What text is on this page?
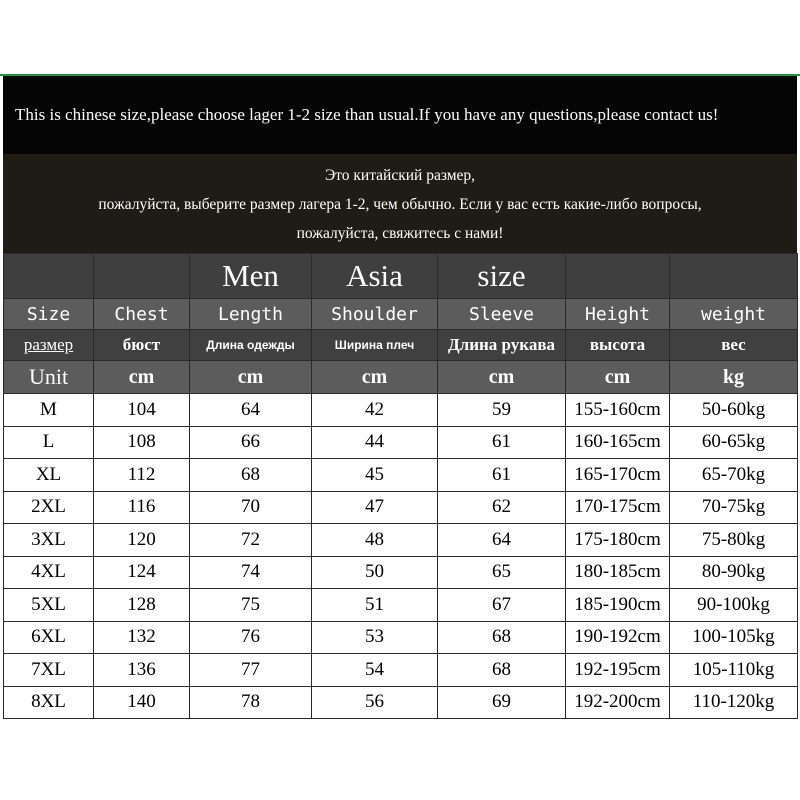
This is chinese size,please choose lager 1-2 size than usual.If you have any questions,please contact us!
Это китайский размер,
пожалуйста, выберите размер лагера 1-2, чем обычно. Если у вас есть какие-либо вопросы,
пожалуйста, свяжитесь с нами!
		Men	Asia	size		
Size	Chest	Length	Shoulder	Sleeve	Height	weight
размер	бюст	Длина одежды	Ширина плеч	Длина рукава	высота	вес
Unit	cm	cm	cm	cm	cm	kg
M	104	64	42	59	155-160cm	50-60kg
L	108	66	44	61	160-165cm	60-65kg
XL	112	68	45	61	165-170cm	65-70kg
2XL	116	70	47	62	170-175cm	70-75kg
3XL	120	72	48	64	175-180cm	75-80kg
4XL	124	74	50	65	180-185cm	80-90kg
5XL	128	75	51	67	185-190cm	90-100kg
6XL	132	76	53	68	190-192cm	100-105kg
7XL	136	77	54	68	192-195cm	105-110kg
8XL	140	78	56	69	192-200cm	110-120kg
